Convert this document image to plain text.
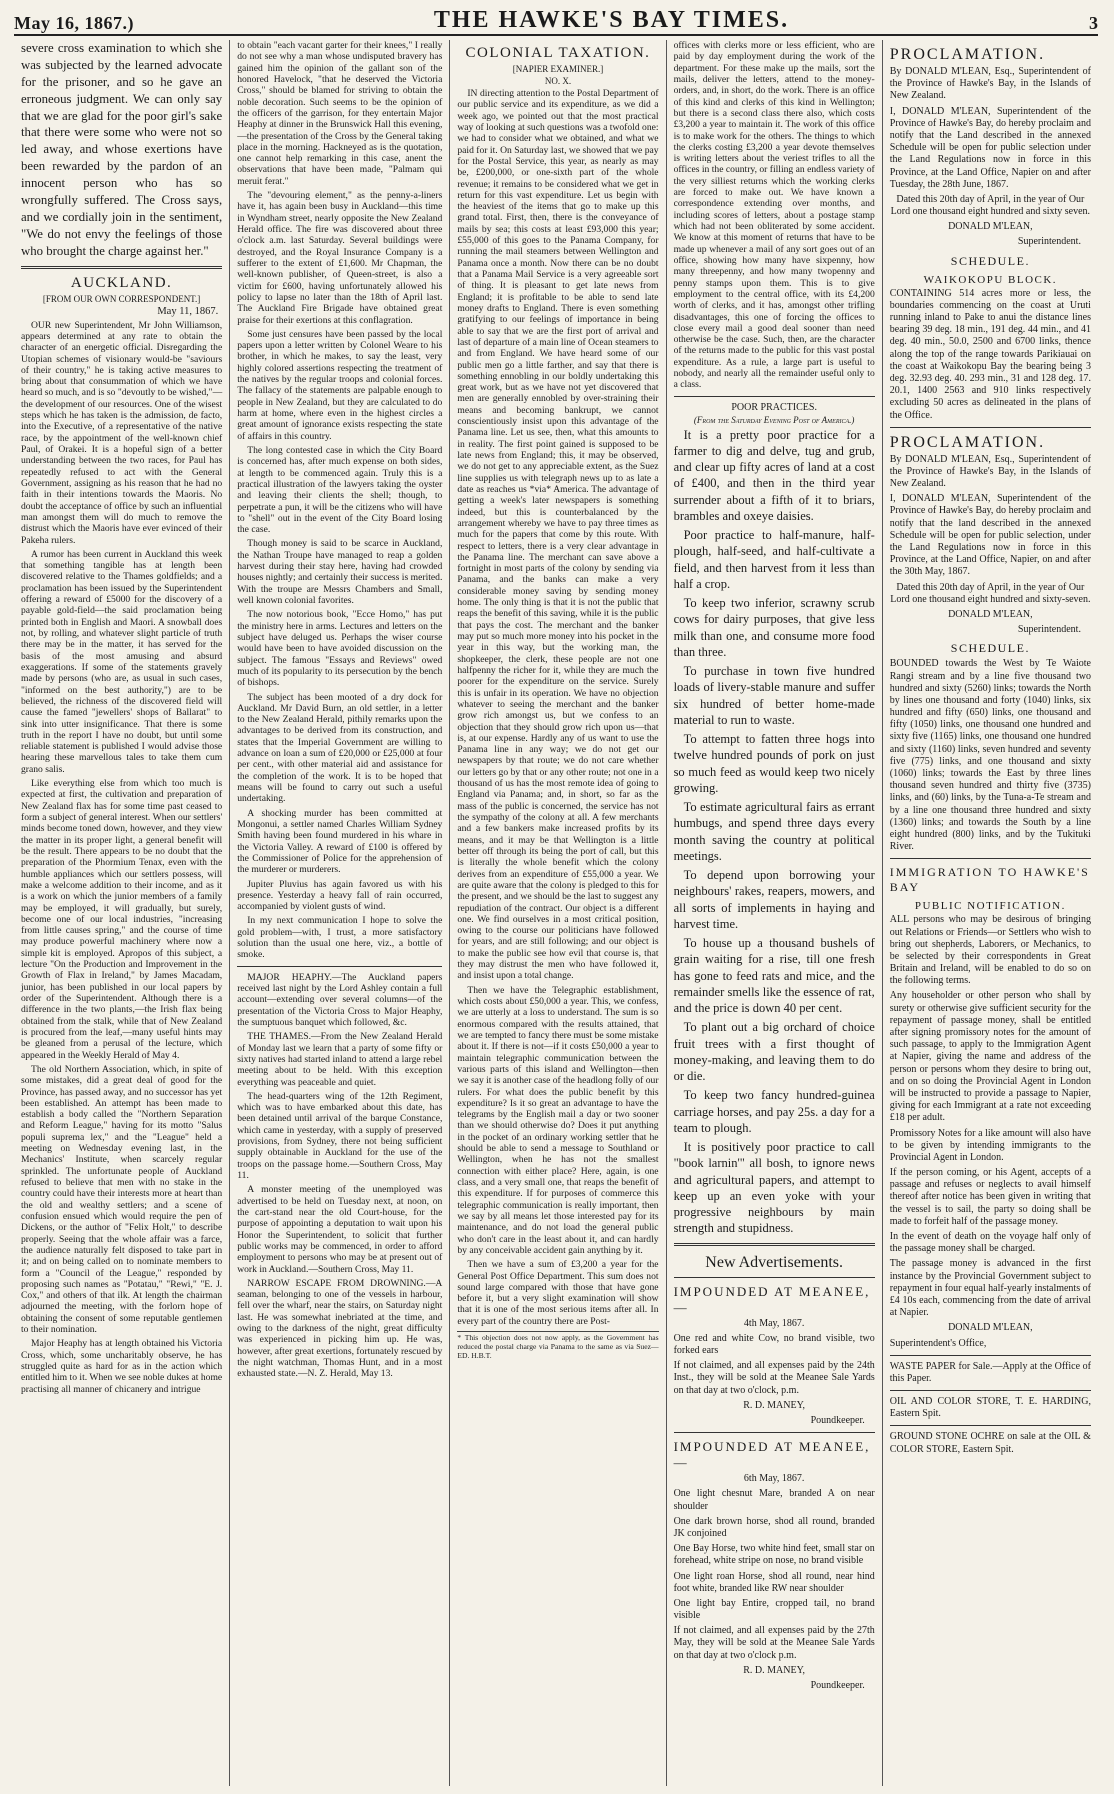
May 16, 1867.)	THE HAWKE'S BAY TIMES.	3

severe cross examination to which she was subjected by the learned advocate for the prisoner, and so he gave an erroneous judgment. We can only say that we are glad for the poor girl's sake that there were some who were not so led away, and whose exertions have been rewarded by the pardon of an innocent person who has so wrongfully suffered. The Cross says, and we cordially join in the sentiment, "We do not envy the feelings of those who brought the charge against her."

AUCKLAND.
[FROM OUR OWN CORRESPONDENT.]
May 11, 1867.

OUR new Superintendent, Mr John Williamson, appears determined at any rate to obtain the character of an energetic official. Disregarding the Utopian schemes of visionary would-be "saviours of their country," he is taking active measures to bring about that consummation of which we have heard so much, and is so "devoutly to be wished,"—the development of our resources. One of the wisest steps which he has taken is the admission, de facto, into the Executive, of a representative of the native race, by the appointment of the well-known chief Paul, of Orakei. It is a hopeful sign of a better understanding between the two races, for Paul has repeatedly refused to act with the General Government, assigning as his reason that he had no faith in their intentions towards the Maoris. No doubt the acceptance of office by such an influential man amongst them will do much to remove the distrust which the Maoris have ever evinced of their Pakeha rulers.

A rumor has been current in Auckland this week that something tangible has at length been discovered relative to the Thames goldfields; and a proclamation has been issued by the Superintendent offering a reward of £5000 for the discovery of a payable gold-field—the said proclamation being printed both in English and Maori. A snowball does not, by rolling, and whatever slight particle of truth there may be in the matter, it has served for the basis of the most amusing and absurd exaggerations. If some of the statements gravely made by persons (who are, as usual in such cases, "informed on the best authority,") are to be believed, the richness of the discovered field will cause the famed "jewellers' shops of Ballarat" to sink into utter insignificance. That there is some truth in the report I have no doubt, but until some reliable statement is published I would advise those hearing these marvellous tales to take them cum grano salis.

Like everything else from which too much is expected at first, the cultivation and preparation of New Zealand flax has for some time past ceased to form a subject of general interest. When our settlers' minds become toned down, however, and they view the matter in its proper light, a general benefit will be the result. There appears to be no doubt that the preparation of the Phormium Tenax, even with the humble appliances which our settlers possess, will make a welcome addition to their income, and as it is a work on which the junior members of a family may be employed, it will gradually, but surely, become one of our local industries, "increasing from little causes spring," and the course of time may produce powerful machinery where now a simple kit is employed. Apropos of this subject, a lecture "On the Production and Improvement in the Growth of Flax in Ireland," by James Macadam, junior, has been published in our local papers by order of the Superintendent. Although there is a difference in the two plants,—the Irish flax being obtained from the stalk, while that of New Zealand is procured from the leaf,—many useful hints may be gleaned from a perusal of the lecture, which appeared in the Weekly Herald of May 4.

The old Northern Association, which, in spite of some mistakes, did a great deal of good for the Province, has passed away, and no successor has yet been established. An attempt has been made to establish a body called the "Northern Separation and Reform League," having for its motto "Salus populi suprema lex," and the "League" held a meeting on Wednesday evening last, in the Mechanics' Institute, when scarcely regular sprinkled. The unfortunate people of Auckland refused to believe that men with no stake in the country could have their interests more at heart than the old and wealthy settlers; and a scene of confusion ensued which would require the pen of Dickens, or the author of "Felix Holt," to describe properly. Seeing that the whole affair was a farce, the audience naturally felt disposed to take part in it; and on being called on to nominate members to form a "Council of the League," responded by proposing such names as "Potatau," "Rewi," "E. J. Cox," and others of that ilk. At length the chairman adjourned the meeting, with the forlorn hope of obtaining the consent of some reputable gentlemen to their nomination.

Major Heaphy has at length obtained his Victoria Cross, which, some uncharitably observe, he has struggled quite as hard for as in the action which entitled him to it. When we see noble dukes at home practising all manner of chicanery and intrigue

to obtain "each vacant garter for their knees," I really do not see why a man whose undisputed bravery has gained him the opinion of the gallant son of the honored Havelock, "that he deserved the Victoria Cross," should be blamed for striving to obtain the noble decoration. Such seems to be the opinion of the officers of the garrison, for they entertain Major Heaphy at dinner in the Brunswick Hall this evening,—the presentation of the Cross by the General taking place in the morning. Hackneyed as is the quotation, one cannot help remarking in this case, anent the observations that have been made, "Palmam qui meruit ferat."

The "devouring element," as the penny-a-liners have it, has again been busy in Auckland—this time in Wyndham street, nearly opposite the New Zealand Herald office. The fire was discovered about three o'clock a.m. last Saturday. Several buildings were destroyed, and the Royal Insurance Company is a sufferer to the extent of £1,600. Mr Chapman, the well-known publisher, of Queen-street, is also a victim for £600, having unfortunately allowed his policy to lapse no later than the 18th of April last. The Auckland Fire Brigade have obtained great praise for their exertions at this conflagration.

Some just censures have been passed by the local papers upon a letter written by Colonel Weare to his brother, in which he makes, to say the least, very highly colored assertions respecting the treatment of the natives by the regular troops and colonial forces. The fallacy of the statements are palpable enough to people in New Zealand, but they are calculated to do harm at home, where even in the highest circles a great amount of ignorance exists respecting the state of affairs in this country.

The long contested case in which the City Board is concerned has, after much expense on both sides, at length to be commenced again. Truly this is a practical illustration of the lawyers taking the oyster and leaving their clients the shell; though, to perpetrate a pun, it will be the citizens who will have to "shell" out in the event of the City Board losing the case.

Though money is said to be scarce in Auckland, the Nathan Troupe have managed to reap a golden harvest during their stay here, having had crowded houses nightly; and certainly their success is merited. With the troupe are Messrs Chambers and Small, well known colonial favorites.

The now notorious book, "Ecce Homo," has put the ministry here in arms. Lectures and letters on the subject have deluged us. Perhaps the wiser course would have been to have avoided discussion on the subject. The famous "Essays and Reviews" owed much of its popularity to its persecution by the bench of bishops.

The subject has been mooted of a dry dock for Auckland. Mr David Burn, an old settler, in a letter to the New Zealand Herald, pithily remarks upon the advantages to be derived from its construction, and states that the Imperial Government are willing to advance on loan a sum of £20,000 or £25,000 at four per cent., with other material aid and assistance for the completion of the work. It is to be hoped that means will be found to carry out such a useful undertaking.

A shocking murder has been committed at Mongonui, a settler named Charles William Sydney Smith having been found murdered in his whare in the Victoria Valley. A reward of £100 is offered by the Commissioner of Police for the apprehension of the murderer or murderers.

Jupiter Pluvius has again favored us with his presence. Yesterday a heavy fall of rain occurred, accompanied by violent gusts of wind.

In my next communication I hope to solve the gold problem—with, I trust, a more satisfactory solution than the usual one here, viz., a bottle of smoke.

MAJOR HEAPHY.—The Auckland papers received last night by the Lord Ashley contain a full account—extending over several columns—of the presentation of the Victoria Cross to Major Heaphy, the sumptuous banquet which followed, &c.

THE THAMES.—From the New Zealand Herald of Monday last we learn that a party of some fifty or sixty natives had started inland to attend a large rebel meeting about to be held. With this exception everything was peaceable and quiet.

The head-quarters wing of the 12th Regiment, which was to have embarked about this date, has been detained until arrival of the barque Constance, which came in yesterday, with a supply of preserved provisions, from Sydney, there not being sufficient supply obtainable in Auckland for the use of the troops on the passage home.—Southern Cross, May 11.

A monster meeting of the unemployed was advertised to be held on Tuesday next, at noon, on the cart-stand near the old Court-house, for the purpose of appointing a deputation to wait upon his Honor the Superintendent, to solicit that further public works may be commenced, in order to afford employment to persons who may be at present out of work in Auckland.—Southern Cross, May 11.

NARROW ESCAPE FROM DROWNING.—A seaman, belonging to one of the vessels in harbour, fell over the wharf, near the stairs, on Saturday night last. He was somewhat inebriated at the time, and owing to the darkness of the night, great difficulty was experienced in picking him up. He was, however, after great exertions, fortunately rescued by the night watchman, Thomas Hunt, and in a most exhausted state.—N. Z. Herald, May 13.

COLONIAL TAXATION.
[NAPIER EXAMINER.]
NO. X.

IN directing attention to the Postal Department of our public service and its expenditure, as we did a week ago, we pointed out that the most practical way of looking at such questions was a twofold one: we had to consider what we obtained, and what we paid for it. On Saturday last, we showed that we pay for the Postal Service, this year, as nearly as may be, £200,000, or one-sixth part of the whole revenue; it remains to be considered what we get in return for this vast expenditure. Let us begin with the heaviest of the items that go to make up this grand total. First, then, there is the conveyance of mails by sea; this costs at least £93,000 this year; £55,000 of this goes to the Panama Company, for running the mail steamers between Wellington and Panama once a month. Now there can be no doubt that a Panama Mail Service is a very agreeable sort of thing. It is pleasant to get late news from England; it is profitable to be able to send late money drafts to England. There is even something gratifying to our feelings of importance in being able to say that we are the first port of arrival and last of departure of a main line of Ocean steamers to and from England. We have heard some of our public men go a little farther, and say that there is something ennobling in our boldly undertaking this great work, but as we have not yet discovered that men are generally ennobled by over-straining their means and becoming bankrupt, we cannot conscientiously insist upon this advantage of the Panama line. Let us see, then, what this amounts to in reality. The first point gained is supposed to be late news from England; this, it may be observed, we do not get to any appreciable extent, as the Suez line supplies us with telegraph news up to as late a date as reaches us *via* America. The advantage of getting a week's later newspapers is something indeed, but this is counterbalanced by the arrangement whereby we have to pay three times as much for the papers that come by this route. With respect to letters, there is a very clear advantage in the Panama line. The merchant can save above a fortnight in most parts of the colony by sending via Panama, and the banks can make a very considerable money saving by sending money home. The only thing is that it is not the public that reaps the benefit of this saving, while it is the public that pays the cost. The merchant and the banker may put so much more money into his pocket in the year in this way, but the working man, the shopkeeper, the clerk, these people are not one halfpenny the richer for it, while they are much the poorer for the expenditure on the service. Surely this is unfair in its operation. We have no objection whatever to seeing the merchant and the banker grow rich amongst us, but we confess to an objection that they should grow rich upon us—that is, at our expense. Hardly any of us want to use the Panama line in any way; we do not get our newspapers by that route; we do not care whether our letters go by that or any other route; not one in a thousand of us has the most remote idea of going to England via Panama; and, in short, so far as the mass of the public is concerned, the service has not the sympathy of the colony at all. A few merchants and a few bankers make increased profits by its means, and it may be that Wellington is a little better off through its being the port of call, but this is literally the whole benefit which the colony derives from an expenditure of £55,000 a year. We are quite aware that the colony is pledged to this for the present, and we should be the last to suggest any repudiation of the contract. Our object is a different one. We find ourselves in a most critical position, owing to the course our politicians have followed for years, and are still following; and our object is to make the public see how evil that course is, that they may distrust the men who have followed it, and insist upon a total change.

Then we have the Telegraphic establishment, which costs about £50,000 a year. This, we confess, we are utterly at a loss to understand. The sum is so enormous compared with the results attained, that we are tempted to fancy there must be some mistake about it. If there is not—if it costs £50,000 a year to maintain telegraphic communication between the various parts of this island and Wellington—then we say it is another case of the headlong folly of our rulers. For what does the public benefit by this expenditure? Is it so great an advantage to have the telegrams by the English mail a day or two sooner than we should otherwise do? Does it put anything in the pocket of an ordinary working settler that he should be able to send a message to Southland or Wellington, when he has not the smallest connection with either place? Here, again, is one class, and a very small one, that reaps the benefit of this expenditure. If for purposes of commerce this telegraphic communication is really important, then we say by all means let those interested pay for its maintenance, and do not load the general public who don't care in the least about it, and can hardly by any conceivable accident gain anything by it.

Then we have a sum of £3,200 a year for the General Post Office Department. This sum does not sound large compared with those that have gone before it, but a very slight examination will show that it is one of the most serious items after all. In every part of the country there are Post-

* This objection does not now apply, as the Government has reduced the postal charge via Panama to the same as via Suez—ED. H.B.T.

offices with clerks more or less efficient, who are paid by day employment during the work of the department. For these make up the mails, sort the mails, deliver the letters, attend to the money-orders, and, in short, do the work. There is an office of this kind and clerks of this kind in Wellington; but there is a second class there also, which costs £3,200 a year to maintain it. The work of this office is to make work for the others. The things to which the clerks costing £3,200 a year devote themselves is writing letters about the veriest trifles to all the offices in the country, or filling an endless variety of the very silliest returns which the working clerks are forced to make out. We have known a correspondence extending over months, and including scores of letters, about a postage stamp which had not been obliterated by some accident. We know at this moment of returns that have to be made up whenever a mail of any sort goes out of an office, showing how many have sixpenny, how many threepenny, and how many twopenny and penny stamps upon them. This is to give employment to the central office, with its £4,200 worth of clerks, and it has, amongst other trifling disadvantages, this one of forcing the offices to close every mail a good deal sooner than need otherwise be the case. Such, then, are the character of the returns made to the public for this vast postal expenditure. As a rule, a large part is useful to nobody, and nearly all the remainder useful only to a class.

POOR PRACTICES.
(From the Saturday Evening Post of America.)

It is a pretty poor practice for a farmer to dig and delve, tug and grub, and clear up fifty acres of land at a cost of £400, and then in the third year surrender about a fifth of it to briars, brambles and oxeye daisies.

Poor practice to half-manure, half-plough, half-seed, and half-cultivate a field, and then harvest from it less than half a crop.

To keep two inferior, scrawny scrub cows for dairy purposes, that give less milk than one, and consume more food than three.

To purchase in town five hundred loads of livery-stable manure and suffer six hundred of better home-made material to run to waste.

To attempt to fatten three hogs into twelve hundred pounds of pork on just so much feed as would keep two nicely growing.

To estimate agricultural fairs as errant humbugs, and spend three days every month saving the country at political meetings.

To depend upon borrowing your neighbours' rakes, reapers, mowers, and all sorts of implements in haying and harvest time.

To house up a thousand bushels of grain waiting for a rise, till one fresh has gone to feed rats and mice, and the remainder smells like the essence of rat, and the price is down 40 per cent.

To plant out a big orchard of choice fruit trees with a first thought of money-making, and leaving them to do or die.

To keep two fancy hundred-guinea carriage horses, and pay 25s. a day for a team to plough.

It is positively poor practice to call "book larnin'" all bosh, to ignore news and agricultural papers, and attempt to keep up an even yoke with your progressive neighbours by main strength and stupidness.

New Advertisements.
IMPOUNDED AT MEANEE,—

4th May, 1867.

One red and white Cow, no brand visible, two forked ears

If not claimed, and all expenses paid by the 24th Inst., they will be sold at the Meanee Sale Yards on that day at two o'clock, p.m.

R. D. MANEY,

Poundkeeper.

IMPOUNDED AT MEANEE,—

6th May, 1867.

One light chesnut Mare, branded A on near shoulder

One dark brown horse, shod all round, branded JK conjoined

One Bay Horse, two white hind feet, small star on forehead, white stripe on nose, no brand visible

One light roan Horse, shod all round, near hind foot white, branded like RW near shoulder

One light bay Entire, cropped tail, no brand visible

If not claimed, and all expenses paid by the 27th May, they will be sold at the Meanee Sale Yards on that day at two o'clock p.m.

R. D. MANEY,

Poundkeeper.

PROCLAMATION.

By DONALD M'LEAN, Esq., Superintendent of the Province of Hawke's Bay, in the Islands of New Zealand.

I, DONALD M'LEAN, Superintendent of the Province of Hawke's Bay, do hereby proclaim and notify that the Land described in the annexed Schedule will be open for public selection under the Land Regulations now in force in this Province, at the Land Office, Napier on and after Tuesday, the 28th June, 1867.

Dated this 20th day of April, in the year of Our Lord one thousand eight hundred and sixty seven.

DONALD M'LEAN,

Superintendent.

SCHEDULE.
WAIKOKOPU BLOCK.

CONTAINING 514 acres more or less, the boundaries commencing on the coast at Uruti running inland to Pake to anui the distance lines bearing 39 deg. 18 min., 191 deg. 44 min., and 41 deg. 40 min., 50.0, 2500 and 6700 links, thence along the top of the range towards Parikiauai on the coast at Waikokopu Bay the bearing being 3 deg. 32.93 deg. 40. 293 min., 31 and 128 deg. 17. 20.1, 1400 2563 and 910 links respectively excluding 50 acres as delineated in the plans of the Office.

PROCLAMATION.

By DONALD M'LEAN, Esq., Superintendent of the Province of Hawke's Bay, in the Islands of New Zealand.

I, DONALD M'LEAN, Superintendent of the Province of Hawke's Bay, do hereby proclaim and notify that the land described in the annexed Schedule will be open for public selection, under the Land Regulations now in force in this Province, at the Land Office, Napier, on and after the 30th May, 1867.

Dated this 20th day of April, in the year of Our Lord one thousand eight hundred and sixty-seven.

DONALD M'LEAN,

Superintendent.

SCHEDULE.

BOUNDED towards the West by Te Waiote Rangi stream and by a line five thousand two hundred and sixty (5260) links; towards the North by lines one thousand and forty (1040) links, six hundred and fifty (650) links, one thousand and fifty (1050) links, one thousand one hundred and sixty five (1165) links, one thousand one hundred and sixty (1160) links, seven hundred and seventy five (775) links, and one thousand and sixty (1060) links; towards the East by three lines thousand seven hundred and thirty five (3735) links, and (60) links, by the Tuna-a-Te stream and by a line one thousand three hundred and sixty (1360) links; and towards the South by a line eight hundred (800) links, and by the Tukituki River.

IMMIGRATION TO HAWKE'S BAY
PUBLIC NOTIFICATION.

ALL persons who may be desirous of bringing out Relations or Friends—or Settlers who wish to bring out shepherds, Laborers, or Mechanics, to be selected by their correspondents in Great Britain and Ireland, will be enabled to do so on the following terms.

Any householder or other person who shall by surety or otherwise give sufficient security for the repayment of passage money, shall be entitled after signing promissory notes for the amount of such passage, to apply to the Immigration Agent at Napier, giving the name and address of the person or persons whom they desire to bring out, and on so doing the Provincial Agent in London will be instructed to provide a passage to Napier, giving for each Immigrant at a rate not exceeding £18 per adult.

Promissory Notes for a like amount will also have to be given by intending immigrants to the Provincial Agent in London.

If the person coming, or his Agent, accepts of a passage and refuses or neglects to avail himself thereof after notice has been given in writing that the vessel is to sail, the party so doing shall be made to forfeit half of the passage money.

In the event of death on the voyage half only of the passage money shall be charged.

The passage money is advanced in the first instance by the Provincial Government subject to repayment in four equal half-yearly instalments of £4 10s each, commencing from the date of arrival at Napier.

DONALD M'LEAN,

Superintendent's Office,

WASTE PAPER for Sale.—Apply at the Office of this Paper.

OIL AND COLOR STORE, T. E. HARDING, Eastern Spit.

GROUND STONE OCHRE on sale at the OIL & COLOR STORE, Eastern Spit.
